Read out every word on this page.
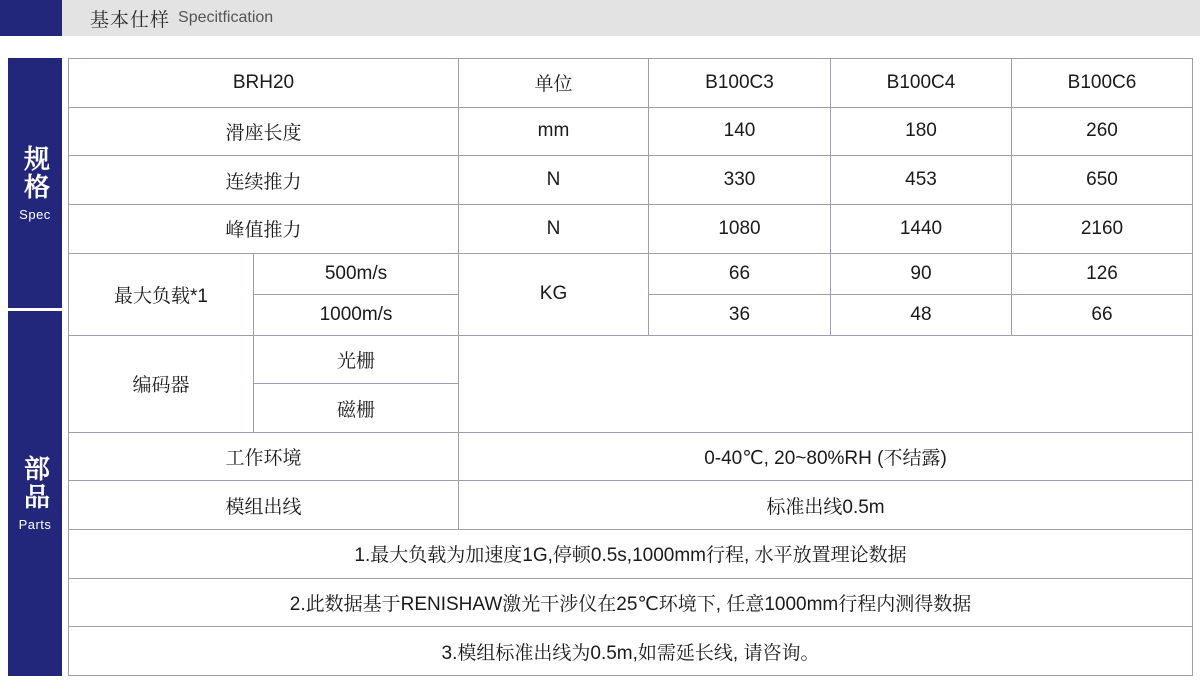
基本仕样 Specitfication
规格
Spec
部品
Parts
BRH20		单位	B100C3	B100C4	B100C6
滑座长度		mm	140	180	260
连续推力		N	330	453	650
峰值推力		N	1080	1440	2160
最大负载*1	500m/s	KG	66	90	126
	1000m/s		36	48	66
编码器	光栅				
	磁栅				
工作环境		0-40℃, 20~80%RH (不结露)			
模组出线		标准出线0.5m			
1.最大负载为加速度1G,停顿0.5s,1000mm行程, 水平放置理论数据					
2.此数据基于RENISHAW激光干涉仪在25℃环境下, 任意1000mm行程内测得数据					
3.模组标准出线为0.5m,如需延长线, 请咨询。					
